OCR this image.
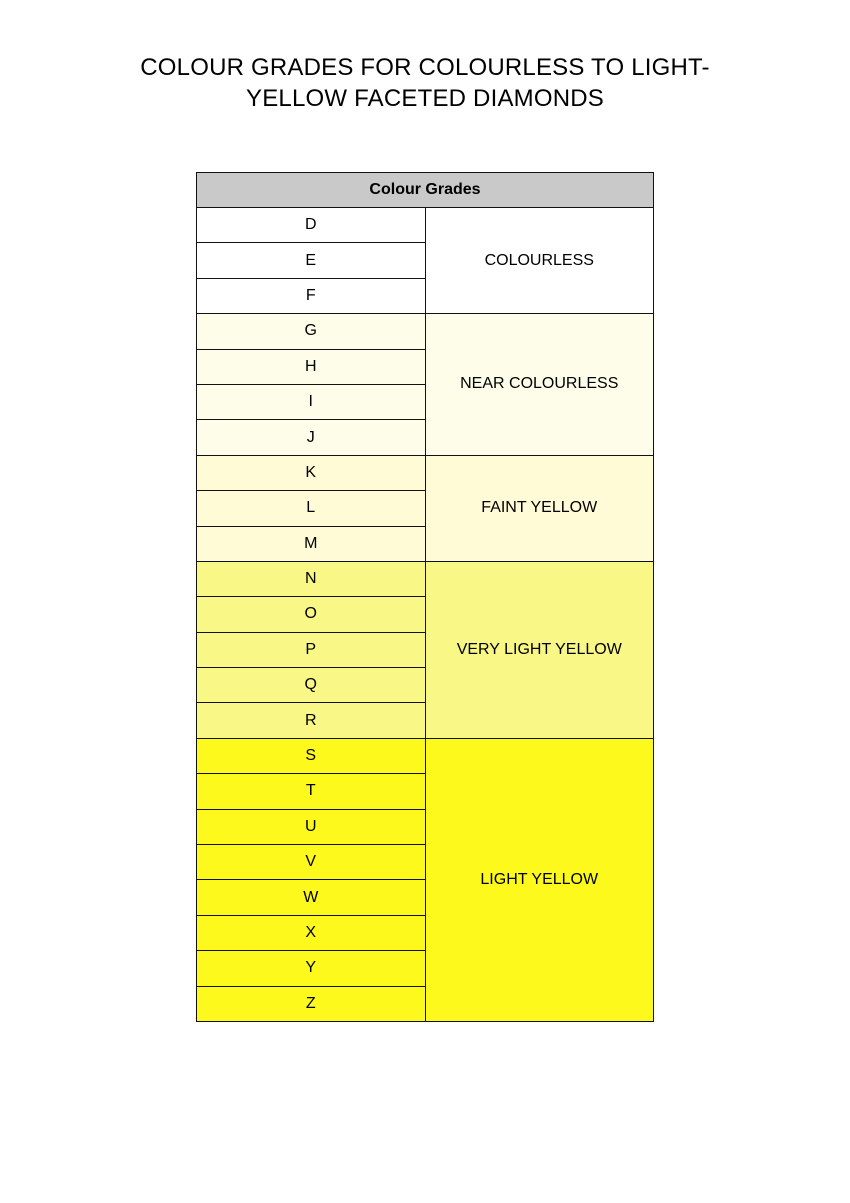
COLOUR GRADES FOR COLOURLESS TO LIGHT-
YELLOW FACETED DIAMONDS
Colour Grades	
D	COLOURLESS
E	
F	
G	NEAR COLOURLESS
H	
I	
J	
K	FAINT YELLOW
L	
M	
N	VERY LIGHT YELLOW
O	
P	
Q	
R	
S	LIGHT YELLOW
T	
U	
V	
W	
X	
Y	
Z	
